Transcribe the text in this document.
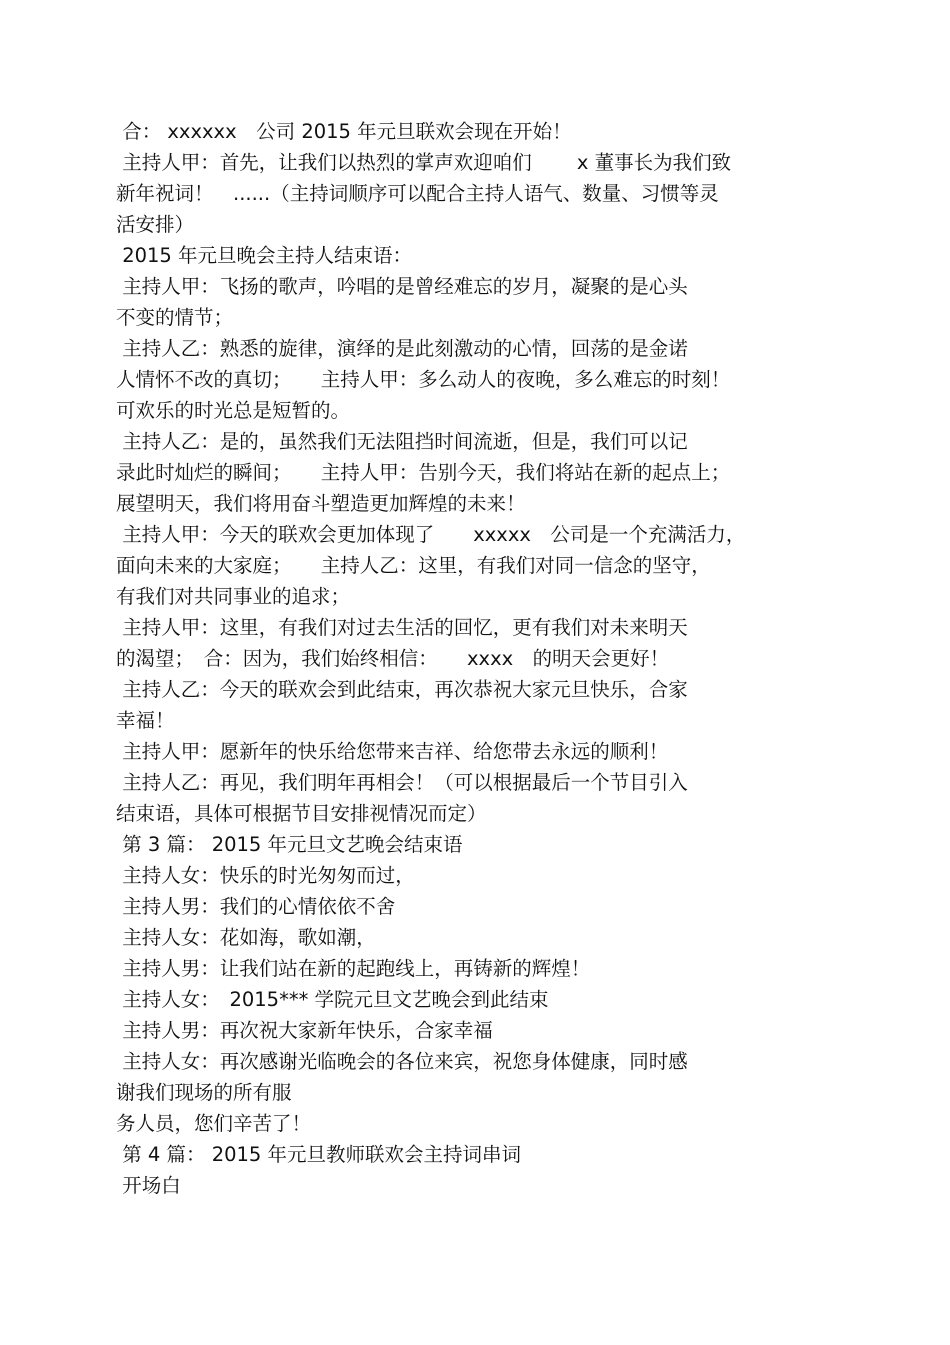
合： xxxxxx　公司 2015 年元旦联欢会现在开始！

主持人甲：首先，让我们以热烈的掌声欢迎咱们　　 x 董事长为我们致

新年祝词！　......（主持词顺序可以配合主持人语气、数量、习惯等灵

活安排）

2015 年元旦晚会主持人结束语：

主持人甲：飞扬的歌声，吟唱的是曾经难忘的岁月，凝聚的是心头

不变的情节；

主持人乙：熟悉的旋律，演绎的是此刻激动的心情，回荡的是金诺

人情怀不改的真切；　　主持人甲：多么动人的夜晚，多么难忘的时刻！

可欢乐的时光总是短暂的。

主持人乙：是的，虽然我们无法阻挡时间流逝，但是，我们可以记

录此时灿烂的瞬间；　　主持人甲：告别今天，我们将站在新的起点上；

展望明天，我们将用奋斗塑造更加辉煌的未来！

主持人甲：今天的联欢会更加体现了　　xxxxx　公司是一个充满活力，

面向未来的大家庭；　　主持人乙：这里，有我们对同一信念的坚守，

有我们对共同事业的追求；

主持人甲：这里，有我们对过去生活的回忆，更有我们对未来明天

的渴望；　合：因为，我们始终相信：　　xxxx　的明天会更好！

主持人乙：今天的联欢会到此结束，再次恭祝大家元旦快乐，合家

幸福！

主持人甲：愿新年的快乐给您带来吉祥、给您带去永远的顺利！

主持人乙：再见，我们明年再相会！（可以根据最后一个节目引入

结束语，具体可根据节目安排视情况而定）

第 3 篇： 2015 年元旦文艺晚会结束语

主持人女：快乐的时光匆匆而过，

主持人男：我们的心情依依不舍

主持人女：花如海，歌如潮，

主持人男：让我们站在新的起跑线上，再铸新的辉煌！

主持人女：　2015*** 学院元旦文艺晚会到此结束

主持人男：再次祝大家新年快乐，合家幸福

主持人女：再次感谢光临晚会的各位来宾，祝您身体健康，同时感

谢我们现场的所有服

务人员，您们辛苦了！

第 4 篇： 2015 年元旦教师联欢会主持词串词

开场白
